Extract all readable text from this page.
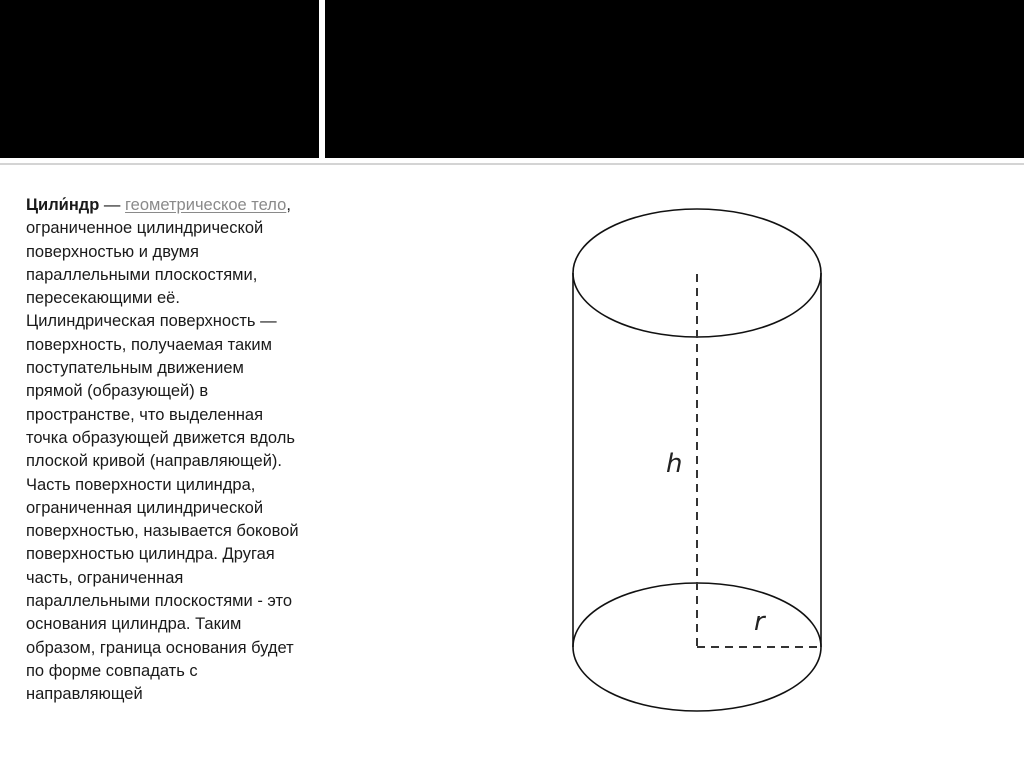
Цили́ндр — геометрическое тело,
ограниченное цилиндрической
поверхностью и двумя
параллельными плоскостями,
пересекающими её.
Цилиндрическая поверхность —
поверхность, получаемая таким
поступательным движением
прямой (образующей) в
пространстве, что выделенная
точка образующей движется вдоль
плоской кривой (направляющей).
Часть поверхности цилиндра,
ограниченная цилиндрической
поверхностью, называется боковой
поверхностью цилиндра. Другая
часть, ограниченная
параллельными плоскостями - это
основания цилиндра. Таким
образом, граница основания будет
по форме совпадать с
направляющей

h
r
